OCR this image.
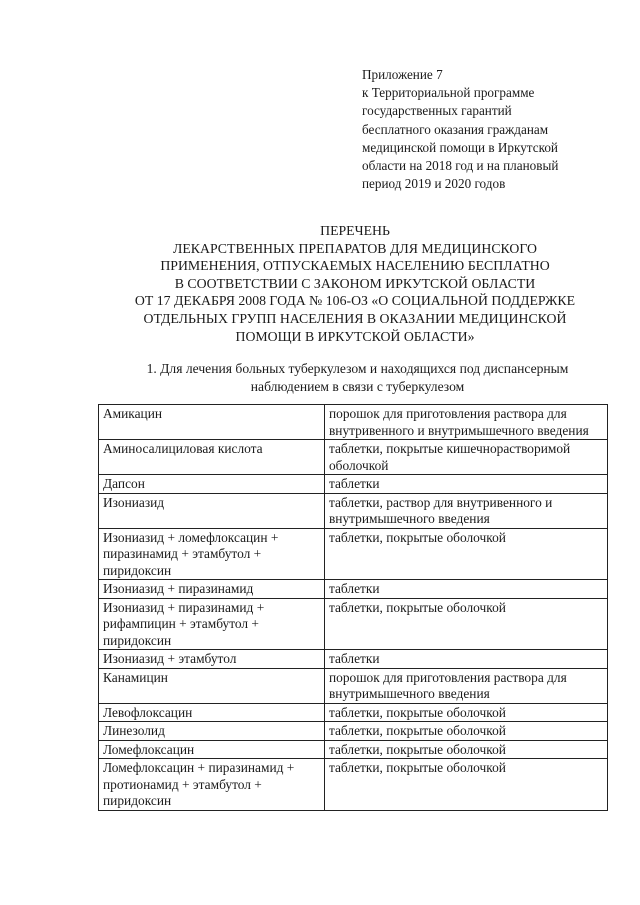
Приложение 7
к Территориальной программе
государственных гарантий
бесплатного оказания гражданам
медицинской помощи в Иркутской
области на 2018 год и на плановый
период 2019 и 2020 годов
ПЕРЕЧЕНЬ
ЛЕКАРСТВЕННЫХ ПРЕПАРАТОВ ДЛЯ МЕДИЦИНСКОГО
ПРИМЕНЕНИЯ, ОТПУСКАЕМЫХ НАСЕЛЕНИЮ БЕСПЛАТНО
В СООТВЕТСТВИИ С ЗАКОНОМ ИРКУТСКОЙ ОБЛАСТИ
ОТ 17 ДЕКАБРЯ 2008 ГОДА № 106-ОЗ «О СОЦИАЛЬНОЙ ПОДДЕРЖКЕ
ОТДЕЛЬНЫХ ГРУПП НАСЕЛЕНИЯ В ОКАЗАНИИ МЕДИЦИНСКОЙ
ПОМОЩИ В ИРКУТСКОЙ ОБЛАСТИ»
1. Для лечения больных туберкулезом и находящихся под диспансерным
наблюдением в связи с туберкулезом
Амикацин	порошок для приготовления раствора для внутривенного и внутримышечного введения
Аминосалициловая кислота	таблетки, покрытые кишечнорастворимой оболочкой
Дапсон	таблетки
Изониазид	таблетки, раствор для внутривенного и внутримышечного введения
Изониазид + ломефлоксацин + пиразинамид + этамбутол + пиридоксин	таблетки, покрытые оболочкой
Изониазид + пиразинамид	таблетки
Изониазид + пиразинамид + рифампицин + этамбутол + пиридоксин	таблетки, покрытые оболочкой
Изониазид + этамбутол	таблетки
Канамицин	порошок для приготовления раствора для внутримышечного введения
Левофлоксацин	таблетки, покрытые оболочкой
Линезолид	таблетки, покрытые оболочкой
Ломефлоксацин	таблетки, покрытые оболочкой
Ломефлоксацин + пиразинамид + протионамид + этамбутол + пиридоксин	таблетки, покрытые оболочкой
